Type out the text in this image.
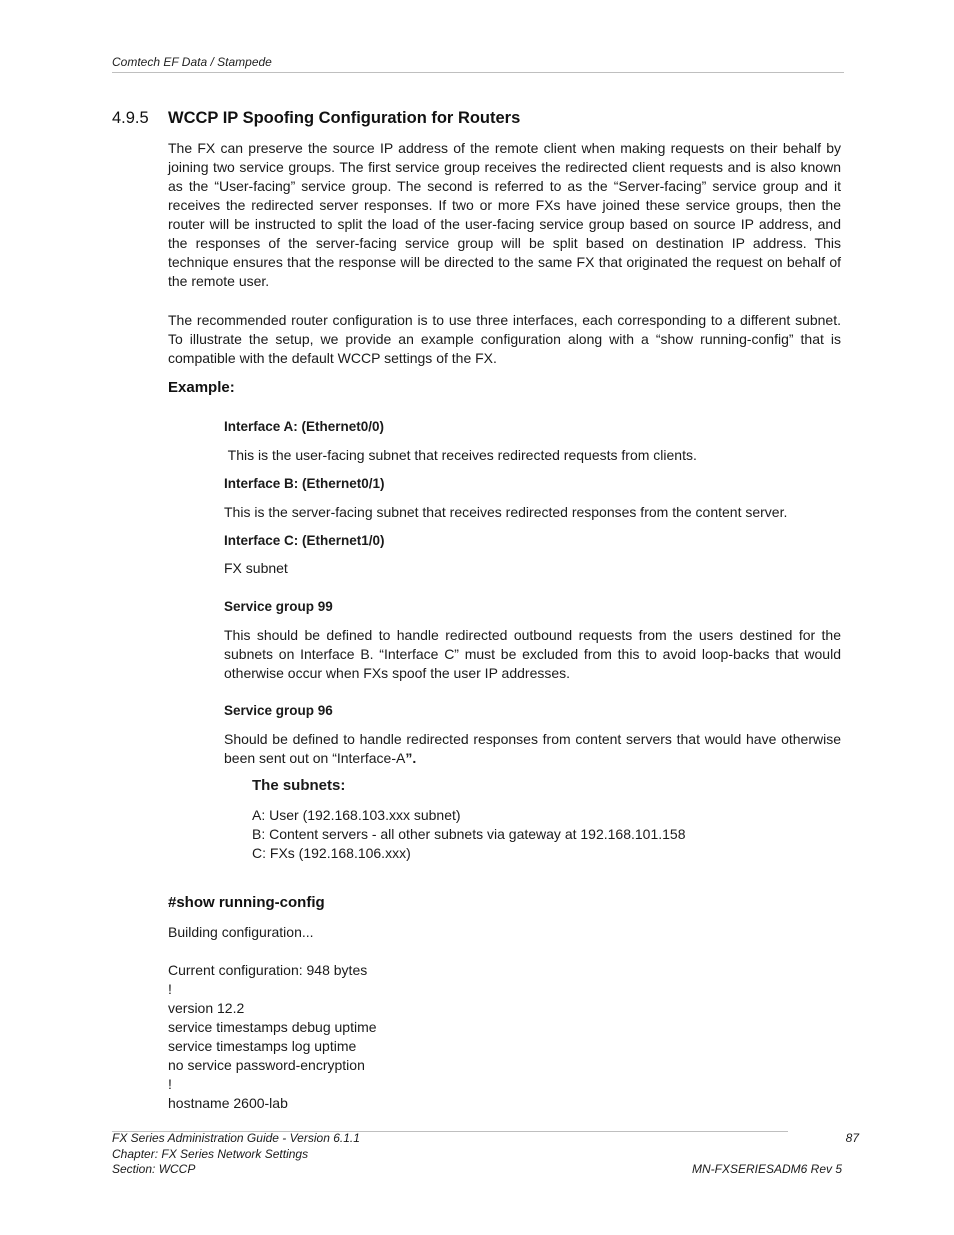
Comtech EF Data / Stampede
4.9.5 WCCP IP Spoofing Configuration for Routers
The FX can preserve the source IP address of the remote client when making requests on their behalf by joining two service groups. The first service group receives the redirected client requests and is also known as the “User-facing” service group. The second is referred to as the “Server-facing” service group and it receives the redirected server responses. If two or more FXs have joined these service groups, then the router will be instructed to split the load of the user-facing service group based on source IP address, and the responses of the server-facing service group will be split based on destination IP address. This technique ensures that the response will be directed to the same FX that originated the request on behalf of the remote user.
The recommended router configuration is to use three interfaces, each corresponding to a different subnet. To illustrate the setup, we provide an example configuration along with a “show running-config” that is compatible with the default WCCP settings of the FX.
Example:
Interface A: (Ethernet0/0)
This is the user-facing subnet that receives redirected requests from clients.
Interface B: (Ethernet0/1)
This is the server-facing subnet that receives redirected responses from the content server.
Interface C: (Ethernet1/0)
FX subnet
Service group 99
This should be defined to handle redirected outbound requests from the users destined for the subnets on Interface B. “Interface C” must be excluded from this to avoid loop-backs that would otherwise occur when FXs spoof the user IP addresses.
Service group 96
Should be defined to handle redirected responses from content servers that would have otherwise been sent out on “Interface-A”.
The subnets:
A: User (192.168.103.xxx subnet)
B: Content servers - all other subnets via gateway at 192.168.101.158
C: FXs (192.168.106.xxx)
#show running-config
Building configuration...
Current configuration: 948 bytes
!
version 12.2
service timestamps debug uptime
service timestamps log uptime
no service password-encryption
!
hostname 2600-lab
FX Series Administration Guide - Version 6.1.1
Chapter: FX Series Network Settings
Section: WCCP
87
MN-FXSERIESADM6 Rev 5
